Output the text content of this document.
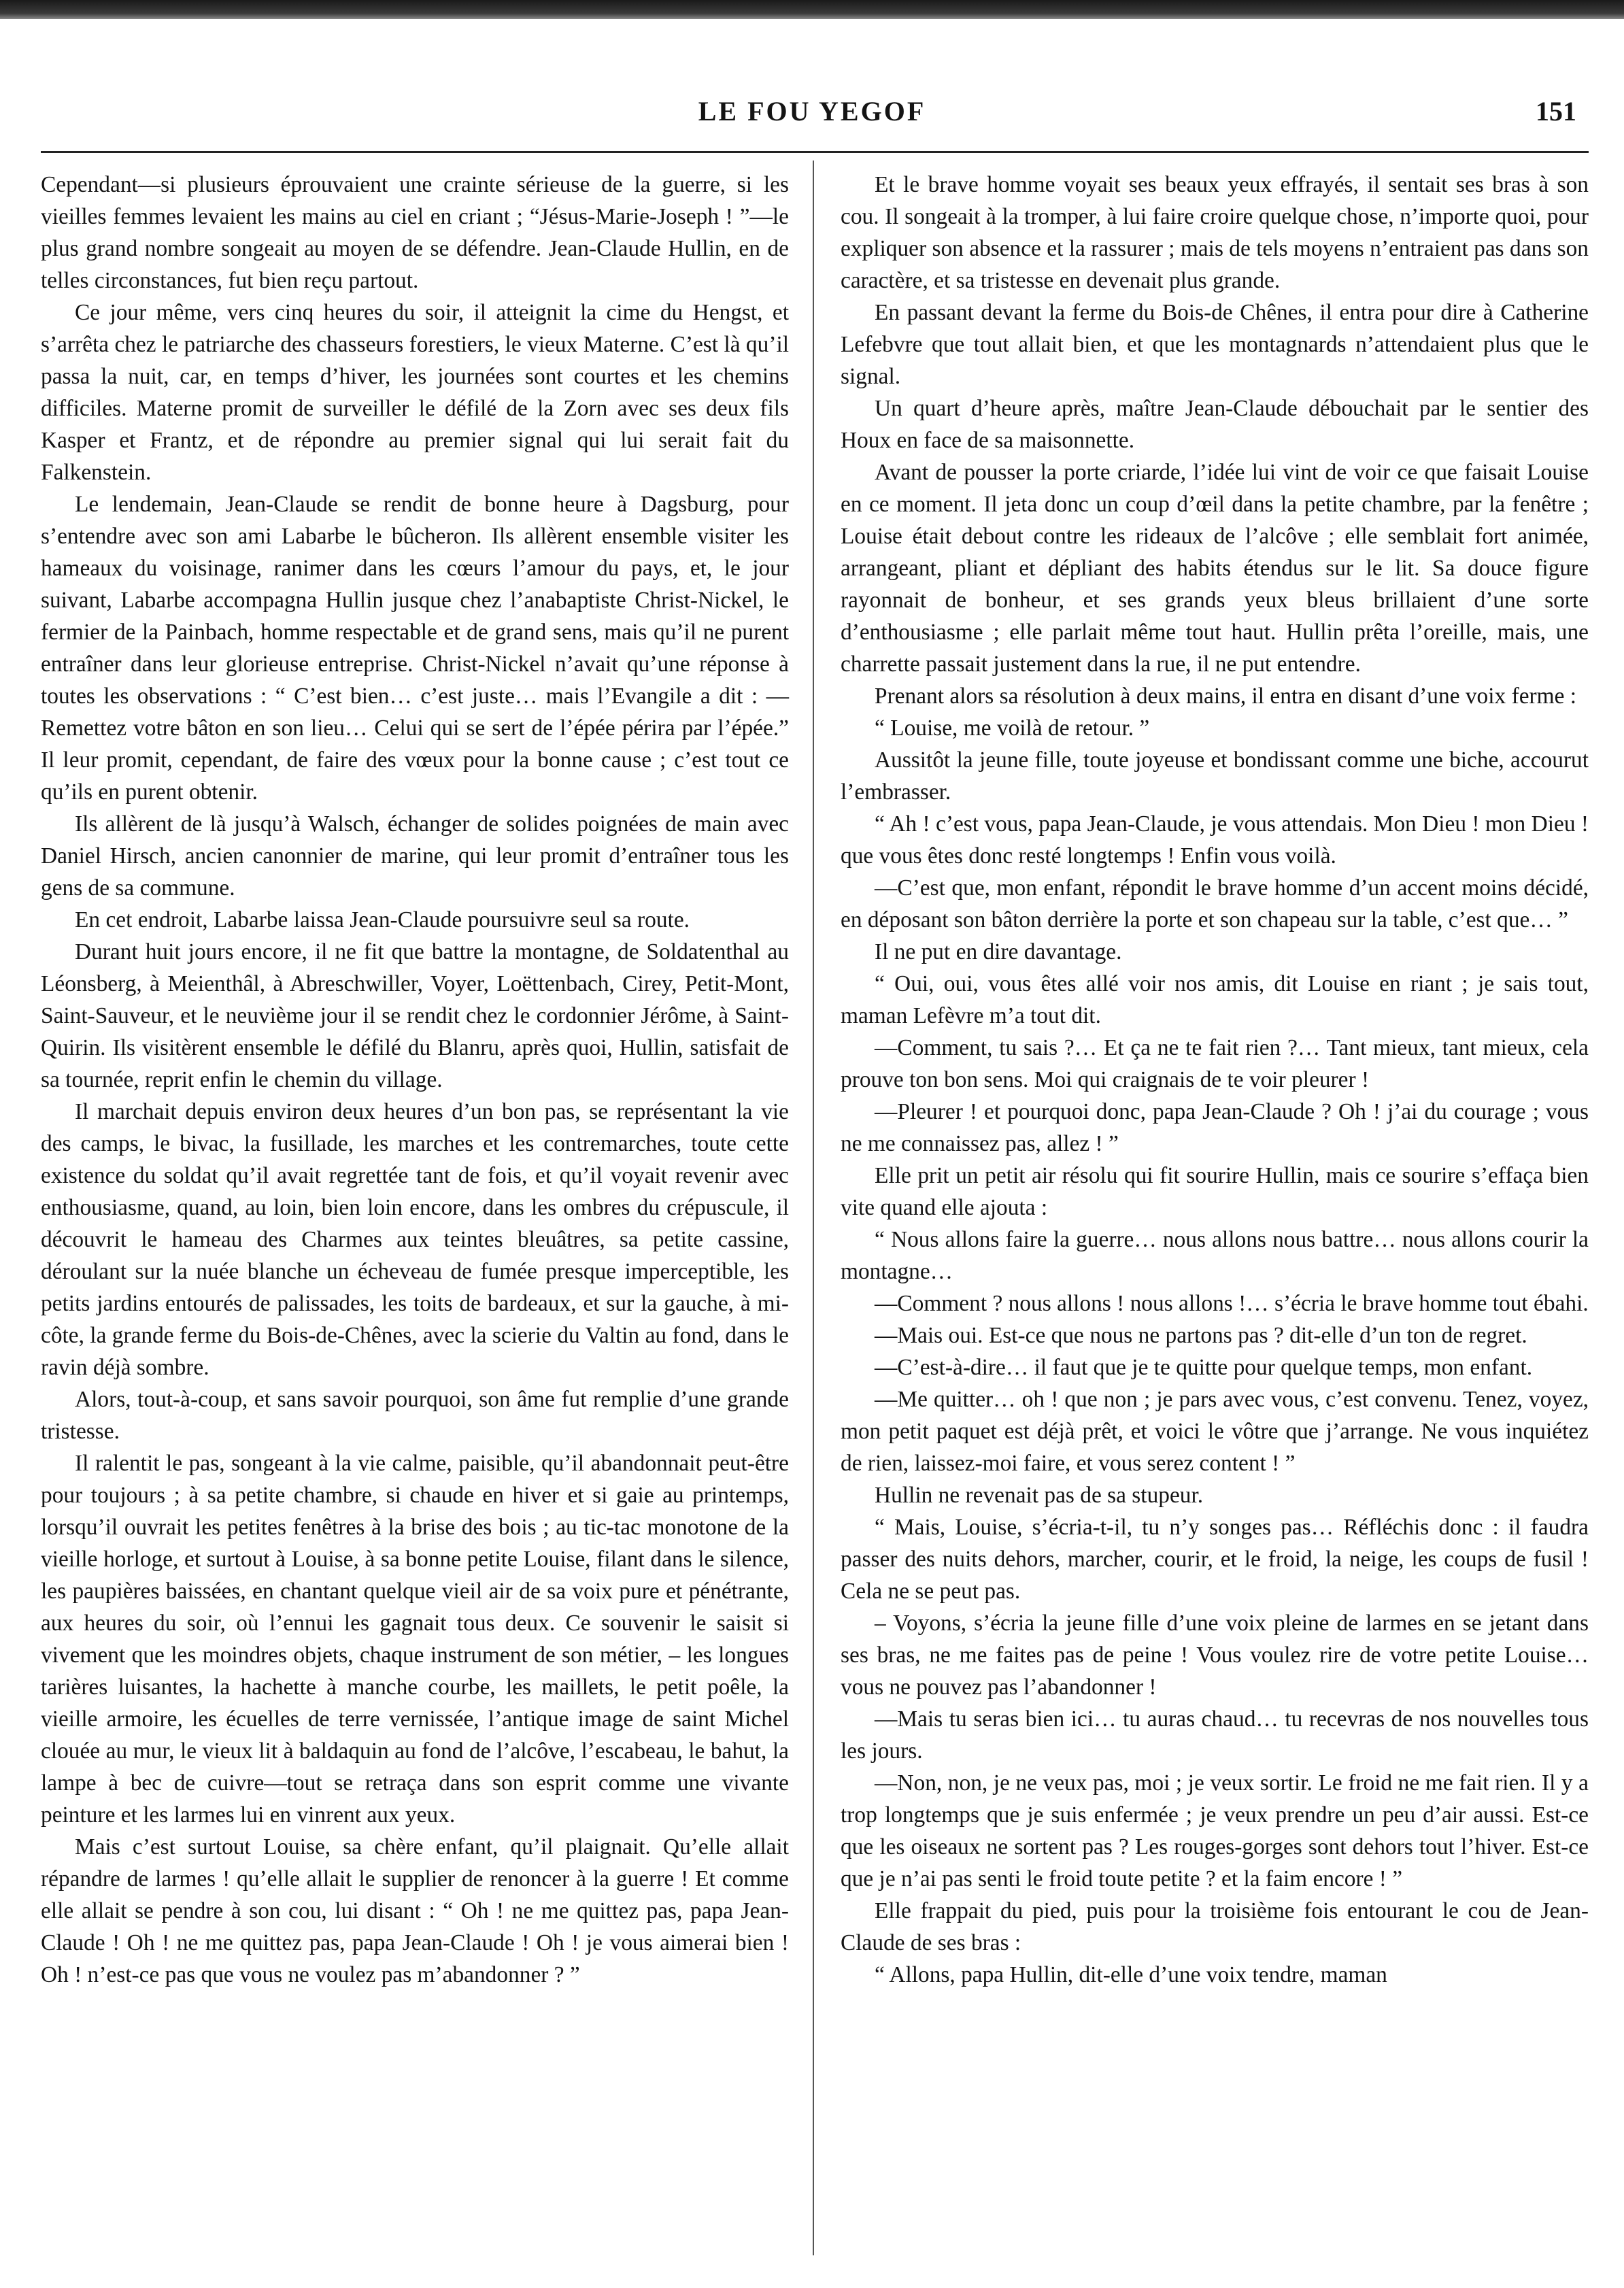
LE FOU YEGOF	151

Cependant—si plusieurs éprouvaient une crainte sérieuse de la guerre, si les vieilles femmes levaient les mains au ciel en criant ; “Jésus-Marie-Joseph ! ”—le plus grand nombre songeait au moyen de se défendre. Jean-Claude Hullin, en de telles circonstances, fut bien reçu partout.

Ce jour même, vers cinq heures du soir, il atteignit la cime du Hengst, et s’arrêta chez le patriarche des chasseurs forestiers, le vieux Materne. C’est là qu’il passa la nuit, car, en temps d’hiver, les journées sont courtes et les chemins difficiles. Materne promit de surveiller le défilé de la Zorn avec ses deux fils Kasper et Frantz, et de répondre au premier signal qui lui serait fait du Falkenstein.

Le lendemain, Jean-Claude se rendit de bonne heure à Dagsburg, pour s’entendre avec son ami Labarbe le bûcheron. Ils allèrent ensemble visiter les hameaux du voisinage, ranimer dans les cœurs l’amour du pays, et, le jour suivant, Labarbe accompagna Hullin jusque chez l’anabaptiste Christ-Nickel, le fermier de la Painbach, homme respectable et de grand sens, mais qu’il ne purent entraîner dans leur glorieuse entreprise. Christ-Nickel n’avait qu’une réponse à toutes les observations : “ C’est bien… c’est juste… mais l’Evangile a dit : —Remettez votre bâton en son lieu… Celui qui se sert de l’épée périra par l’épée.” Il leur promit, cependant, de faire des vœux pour la bonne cause ; c’est tout ce qu’ils en purent obtenir.

Ils allèrent de là jusqu’à Walsch, échanger de solides poignées de main avec Daniel Hirsch, ancien canonnier de marine, qui leur promit d’entraîner tous les gens de sa commune.

En cet endroit, Labarbe laissa Jean-Claude poursuivre seul sa route.

Durant huit jours encore, il ne fit que battre la montagne, de Soldatenthal au Léonsberg, à Meienthâl, à Abreschwiller, Voyer, Loëttenbach, Cirey, Petit-Mont, Saint-Sauveur, et le neuvième jour il se rendit chez le cordonnier Jérôme, à Saint-Quirin. Ils visitèrent ensemble le défilé du Blanru, après quoi, Hullin, satisfait de sa tournée, reprit enfin le chemin du village.

Il marchait depuis environ deux heures d’un bon pas, se représentant la vie des camps, le bivac, la fusillade, les marches et les contremarches, toute cette existence du soldat qu’il avait regrettée tant de fois, et qu’il voyait revenir avec enthousiasme, quand, au loin, bien loin encore, dans les ombres du crépuscule, il découvrit le hameau des Charmes aux teintes bleuâtres, sa petite cassine, déroulant sur la nuée blanche un écheveau de fumée presque imperceptible, les petits jardins entourés de palissades, les toits de bardeaux, et sur la gauche, à mi-côte, la grande ferme du Bois-de-Chênes, avec la scierie du Valtin au fond, dans le ravin déjà sombre.

Alors, tout-à-coup, et sans savoir pourquoi, son âme fut remplie d’une grande tristesse.

Il ralentit le pas, songeant à la vie calme, paisible, qu’il abandonnait peut-être pour toujours ; à sa petite chambre, si chaude en hiver et si gaie au printemps, lorsqu’il ouvrait les petites fenêtres à la brise des bois ; au tic-tac monotone de la vieille horloge, et surtout à Louise, à sa bonne petite Louise, filant dans le silence, les paupières baissées, en chantant quelque vieil air de sa voix pure et pénétrante, aux heures du soir, où l’ennui les gagnait tous deux. Ce souvenir le saisit si vivement que les moindres objets, chaque instrument de son métier, – les longues tarières luisantes, la hachette à manche courbe, les maillets, le petit poêle, la vieille armoire, les écuelles de terre vernissée, l’antique image de saint Michel clouée au mur, le vieux lit à baldaquin au fond de l’alcôve, l’escabeau, le bahut, la lampe à bec de cuivre—tout se retraça dans son esprit comme une vivante peinture et les larmes lui en vinrent aux yeux.

Mais c’est surtout Louise, sa chère enfant, qu’il plaignait. Qu’elle allait répandre de larmes ! qu’elle allait le supplier de renoncer à la guerre ! Et comme elle allait se pendre à son cou, lui disant : “ Oh ! ne me quittez pas, papa Jean-Claude ! Oh ! ne me quittez pas, papa Jean-Claude ! Oh ! je vous aimerai bien ! Oh ! n’est-ce pas que vous ne voulez pas m’abandonner ? ”

Et le brave homme voyait ses beaux yeux effrayés, il sentait ses bras à son cou. Il songeait à la tromper, à lui faire croire quelque chose, n’importe quoi, pour expliquer son absence et la rassurer ; mais de tels moyens n’entraient pas dans son caractère, et sa tristesse en devenait plus grande.

En passant devant la ferme du Bois-de Chênes, il entra pour dire à Catherine Lefebvre que tout allait bien, et que les montagnards n’attendaient plus que le signal.

Un quart d’heure après, maître Jean-Claude débouchait par le sentier des Houx en face de sa maisonnette.

Avant de pousser la porte criarde, l’idée lui vint de voir ce que faisait Louise en ce moment. Il jeta donc un coup d’œil dans la petite chambre, par la fenêtre ; Louise était debout contre les rideaux de l’alcôve ; elle semblait fort animée, arrangeant, pliant et dépliant des habits étendus sur le lit. Sa douce figure rayonnait de bonheur, et ses grands yeux bleus brillaient d’une sorte d’enthousiasme ; elle parlait même tout haut. Hullin prêta l’oreille, mais, une charrette passait justement dans la rue, il ne put entendre.

Prenant alors sa résolution à deux mains, il entra en disant d’une voix ferme :

“ Louise, me voilà de retour. ”

Aussitôt la jeune fille, toute joyeuse et bondissant comme une biche, accourut l’embrasser.

“ Ah ! c’est vous, papa Jean-Claude, je vous attendais. Mon Dieu ! mon Dieu ! que vous êtes donc resté longtemps ! Enfin vous voilà.

—C’est que, mon enfant, répondit le brave homme d’un accent moins décidé, en déposant son bâton derrière la porte et son chapeau sur la table, c’est que… ”

Il ne put en dire davantage.

“ Oui, oui, vous êtes allé voir nos amis, dit Louise en riant ; je sais tout, maman Lefèvre m’a tout dit.

—Comment, tu sais ?… Et ça ne te fait rien ?… Tant mieux, tant mieux, cela prouve ton bon sens. Moi qui craignais de te voir pleurer !

—Pleurer ! et pourquoi donc, papa Jean-Claude ? Oh ! j’ai du courage ; vous ne me connaissez pas, allez ! ”

Elle prit un petit air résolu qui fit sourire Hullin, mais ce sourire s’effaça bien vite quand elle ajouta :

“ Nous allons faire la guerre… nous allons nous battre… nous allons courir la montagne…

—Comment ? nous allons ! nous allons !… s’écria le brave homme tout ébahi.

—Mais oui. Est-ce que nous ne partons pas ? dit-elle d’un ton de regret.

—C’est-à-dire… il faut que je te quitte pour quelque temps, mon enfant.

—Me quitter… oh ! que non ; je pars avec vous, c’est convenu. Tenez, voyez, mon petit paquet est déjà prêt, et voici le vôtre que j’arrange. Ne vous inquiétez de rien, laissez-moi faire, et vous serez content ! ”

Hullin ne revenait pas de sa stupeur.

“ Mais, Louise, s’écria-t-il, tu n’y songes pas… Réfléchis donc : il faudra passer des nuits dehors, marcher, courir, et le froid, la neige, les coups de fusil ! Cela ne se peut pas.

– Voyons, s’écria la jeune fille d’une voix pleine de larmes en se jetant dans ses bras, ne me faites pas de peine ! Vous voulez rire de votre petite Louise… vous ne pouvez pas l’abandonner !

—Mais tu seras bien ici… tu auras chaud… tu recevras de nos nouvelles tous les jours.

—Non, non, je ne veux pas, moi ; je veux sortir. Le froid ne me fait rien. Il y a trop longtemps que je suis enfermée ; je veux prendre un peu d’air aussi. Est-ce que les oiseaux ne sortent pas ? Les rouges-gorges sont dehors tout l’hiver. Est-ce que je n’ai pas senti le froid toute petite ? et la faim encore ! ”

Elle frappait du pied, puis pour la troisième fois entourant le cou de Jean-Claude de ses bras :

“ Allons, papa Hullin, dit-elle d’une voix tendre, maman
